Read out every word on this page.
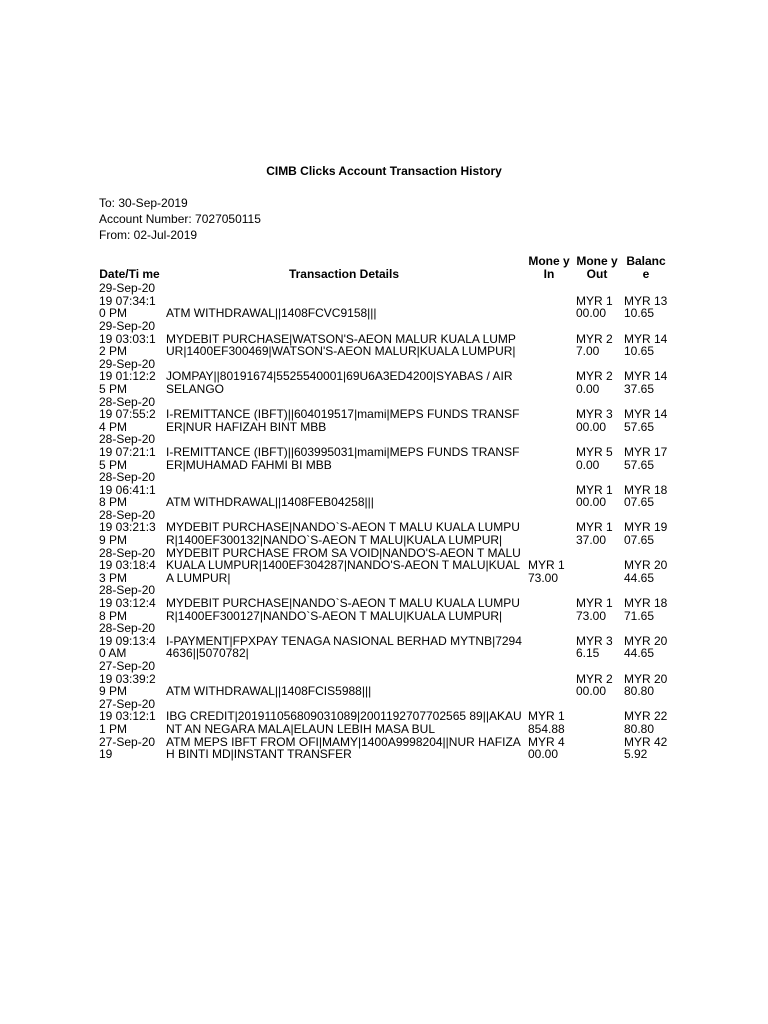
CIMB Clicks Account Transaction History
To: 30-Sep-2019
Account Number: 7027050115
From: 02-Jul-2019
Date/Ti me	Transaction Details	Mone y In	Mone y Out	Balanc e
29-Sep-2019 07:34:10 PM	ATM WITHDRAWAL||1408FCVC9158|||		MYR 100.00	MYR 1310.65
29-Sep-2019 03:03:12 PM	MYDEBIT PURCHASE|WATSON'S-AEON MALUR KUALA LUMPUR|1400EF300469|WATSON'S-AEON MALUR|KUALA LUMPUR|		MYR 27.00	MYR 1410.65
29-Sep-2019 01:12:25 PM	JOMPAY||80191674|5525540001|69U6A3ED4200|SYABAS / AIR SELANGO		MYR 20.00	MYR 1437.65
28-Sep-2019 07:55:24 PM	I-REMITTANCE (IBFT)||604019517|mami|MEPS FUNDS TRANSFER|NUR HAFIZAH BINT MBB		MYR 300.00	MYR 1457.65
28-Sep-2019 07:21:15 PM	I-REMITTANCE (IBFT)||603995031|mami|MEPS FUNDS TRANSFER|MUHAMAD FAHMI BI MBB		MYR 50.00	MYR 1757.65
28-Sep-2019 06:41:18 PM	ATM WITHDRAWAL||1408FEB04258|||		MYR 100.00	MYR 1807.65
28-Sep-2019 03:21:39 PM	MYDEBIT PURCHASE|NANDO`S-AEON T MALU KUALA LUMPUR|1400EF300132|NANDO`S-AEON T MALU|KUALA LUMPUR|		MYR 137.00	MYR 1907.65
28-Sep-2019 03:18:43 PM	MYDEBIT PURCHASE FROM SA VOID|NANDO'S-AEON T MALU KUALA LUMPUR|1400EF304287|NANDO'S-AEON T MALU|KUALA LUMPUR|	MYR 173.00		MYR 2044.65
28-Sep-2019 03:12:48 PM	MYDEBIT PURCHASE|NANDO`S-AEON T MALU KUALA LUMPUR|1400EF300127|NANDO`S-AEON T MALU|KUALA LUMPUR|		MYR 173.00	MYR 1871.65
28-Sep-2019 09:13:40 AM	I-PAYMENT|FPXPAY TENAGA NASIONAL BERHAD MYTNB|72944636||5070782|		MYR 36.15	MYR 2044.65
27-Sep-2019 03:39:29 PM	ATM WITHDRAWAL||1408FCIS5988|||		MYR 200.00	MYR 2080.80
27-Sep-2019 03:12:11 PM	IBG CREDIT|201911056809031089|2001192707702565 89||AKAUNT AN NEGARA MALA|ELAUN LEBIH MASA BUL	MYR 1854.88		MYR 2280.80
27-Sep-2019	ATM MEPS IBFT FROM OFI|MAMY|1400A9998204||NUR HAFIZAH BINTI MD|INSTANT TRANSFER	MYR 400.00		MYR 425.92
